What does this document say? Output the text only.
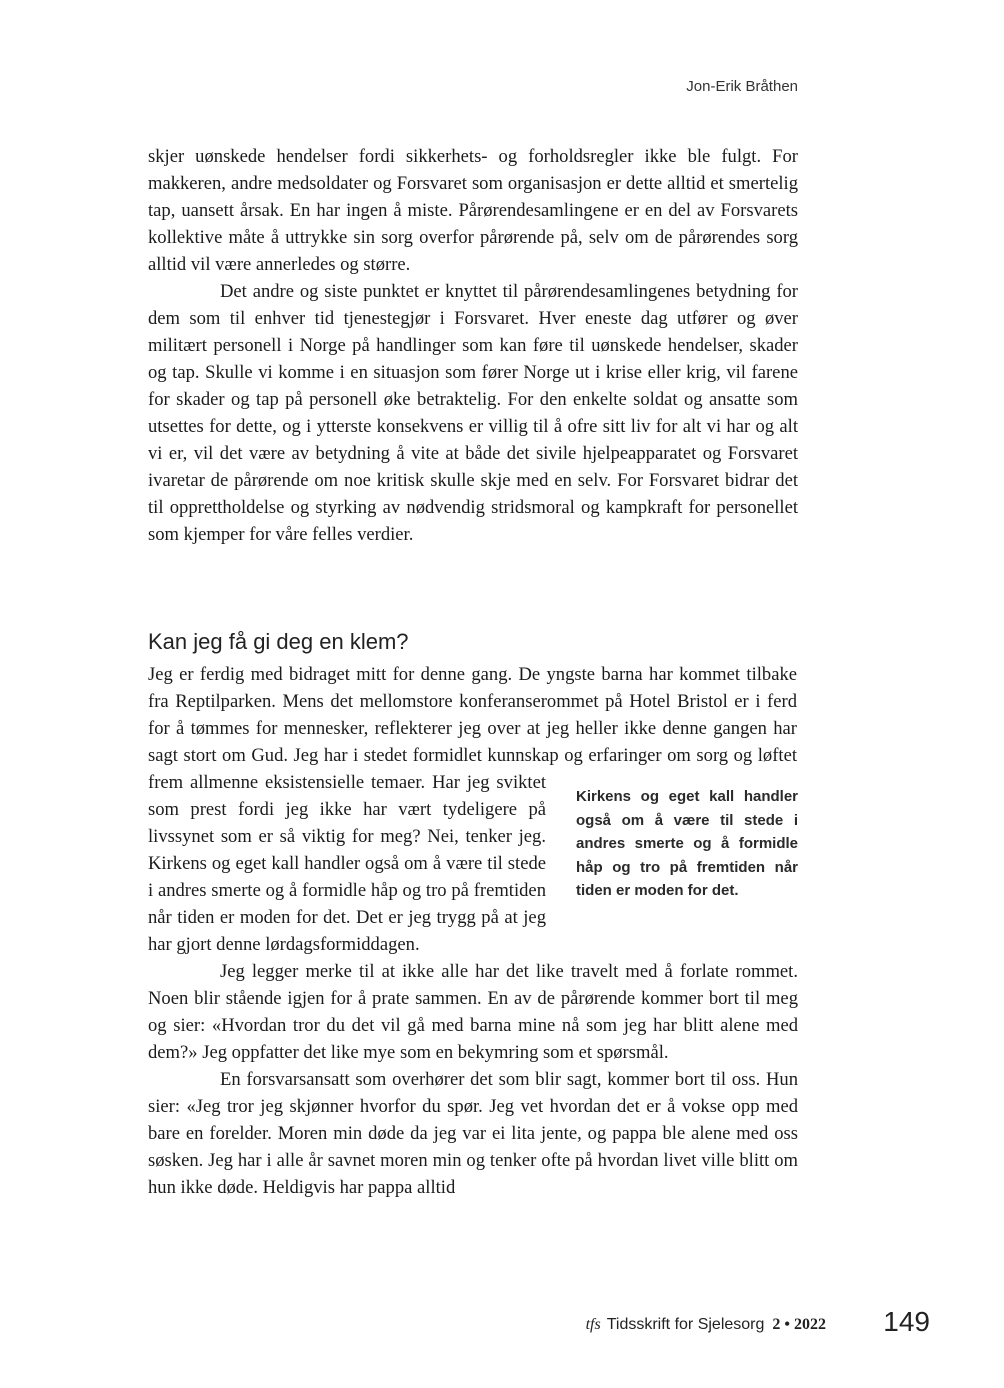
Jon-Erik Bråthen

skjer uønskede hendelser fordi sikkerhets- og forholdsregler ikke ble fulgt. For makkeren, andre medsoldater og Forsvaret som organisasjon er dette alltid et smertelig tap, uansett årsak. En har ingen å miste. Pårørendesamlingene er en del av Forsvarets kollektive måte å uttrykke sin sorg overfor pårørende på, selv om de pårørendes sorg alltid vil være annerledes og større.

Det andre og siste punktet er knyttet til pårørendesamlingenes betydning for dem som til enhver tid tjenestegjør i Forsvaret. Hver eneste dag utfører og øver militært personell i Norge på handlinger som kan føre til uønskede hendelser, skader og tap. Skulle vi komme i en situasjon som fører Norge ut i krise eller krig, vil farene for skader og tap på personell øke betraktelig. For den enkelte soldat og ansatte som utsettes for dette, og i ytterste konsekvens er villig til å ofre sitt liv for alt vi har og alt vi er, vil det være av betydning å vite at både det sivile hjelpeapparatet og Forsvaret ivaretar de pårørende om noe kritisk skulle skje med en selv. For Forsvaret bidrar det til opprettholdelse og styrking av nødvendig stridsmoral og kampkraft for personellet som kjemper for våre felles verdier.

Kan jeg få gi deg en klem?
Kirkens og eget kall handler også om å være til stede i andres smerte og å formidle håp og tro på fremtiden når tiden er moden for det.

Jeg er ferdig med bidraget mitt for denne gang. De yngste barna har kommet tilbake fra Reptilparken. Mens det mellomstore konferanserommet på Hotel Bristol er i ferd for å tømmes for mennesker, reflekterer jeg over at jeg heller ikke denne gangen har sagt stort om Gud. Jeg har i stedet formidlet kunnskap og erfaringer om sorg og løftet frem allmenne eksistensielle temaer. Har jeg sviktet som prest fordi jeg ikke har vært tydeligere på livssynet som er så viktig for meg? Nei, tenker jeg. Kirkens og eget kall handler også om å være til stede i andres smerte og å formidle håp og tro på fremtiden når tiden er moden for det. Det er jeg trygg på at jeg har gjort denne lørdagsformiddagen.

Jeg legger merke til at ikke alle har det like travelt med å forlate rommet. Noen blir stående igjen for å prate sammen. En av de pårørende kommer bort til meg og sier: «Hvordan tror du det vil gå med barna mine nå som jeg har blitt alene med dem?» Jeg oppfatter det like mye som en bekymring som et spørsmål.

En forsvarsansatt som overhører det som blir sagt, kommer bort til oss. Hun sier: «Jeg tror jeg skjønner hvorfor du spør. Jeg vet hvordan det er å vokse opp med bare en forelder. Moren min døde da jeg var ei lita jente, og pappa ble alene med oss søsken. Jeg har i alle år savnet moren min og tenker ofte på hvordan livet ville blitt om hun ikke døde. Heldigvis har pappa alltid

tfs Tidsskrift for Sjelesorg 2 • 2022 149
